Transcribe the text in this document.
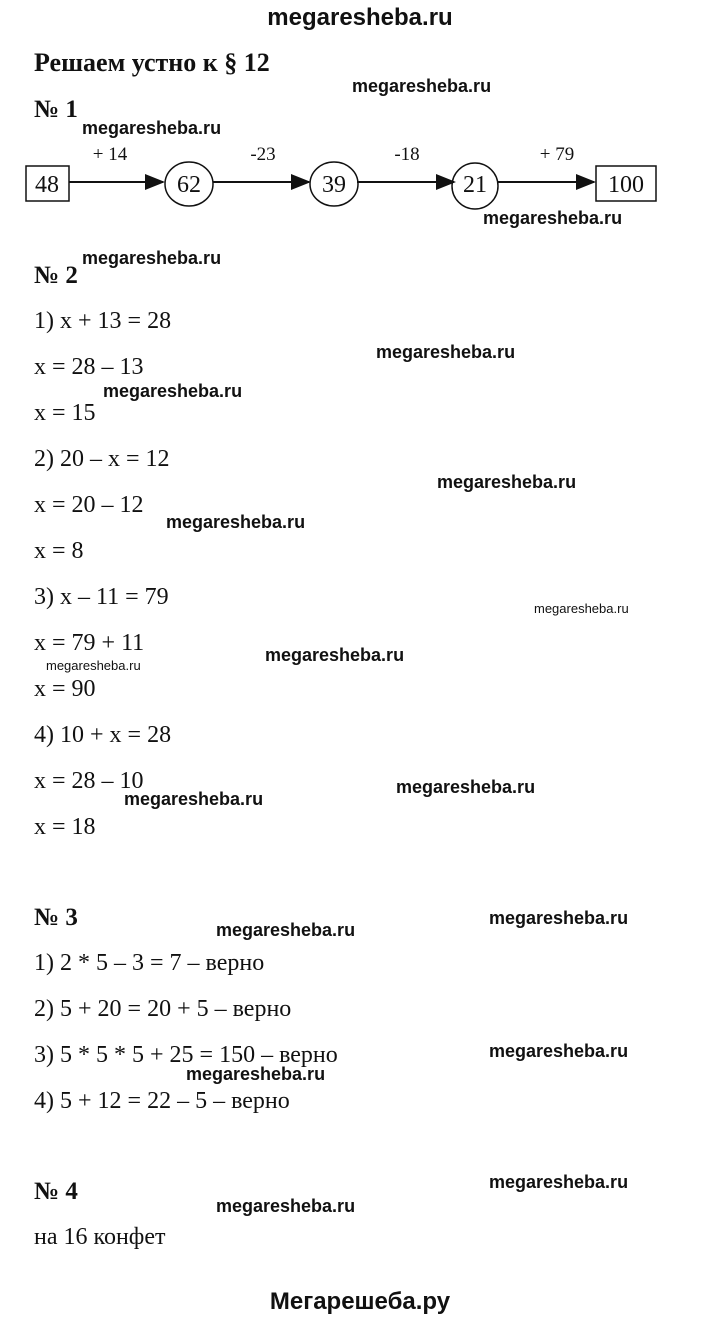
megaresheba.ru
Решаем устно к § 12
№ 1
+ 14	-23	-18	+ 79
48	62	39	21	100
№ 2
1) x + 13 = 28
x = 28 – 13
x = 15
2) 20 – x = 12
x = 20 – 12
x = 8
3) x – 11 = 79
x = 79 + 11
x = 90
4) 10 + x = 28
x = 28 – 10
x = 18
№ 3
1) 2 * 5 – 3 = 7 – верно
2) 5 + 20 = 20 + 5 – верно
3) 5 * 5 * 5 + 25 = 150 – верно
4) 5 + 12 = 22 – 5 – верно
№ 4
на 16 конфет
megaresheba.ru
megaresheba.ru
megaresheba.ru
megaresheba.ru
megaresheba.ru
megaresheba.ru
megaresheba.ru
megaresheba.ru
megaresheba.ru
megaresheba.ru
megaresheba.ru
megaresheba.ru
megaresheba.ru
megaresheba.ru
megaresheba.ru
megaresheba.ru
megaresheba.ru
megaresheba.ru
megaresheba.ru
Мегарешеба.ру
